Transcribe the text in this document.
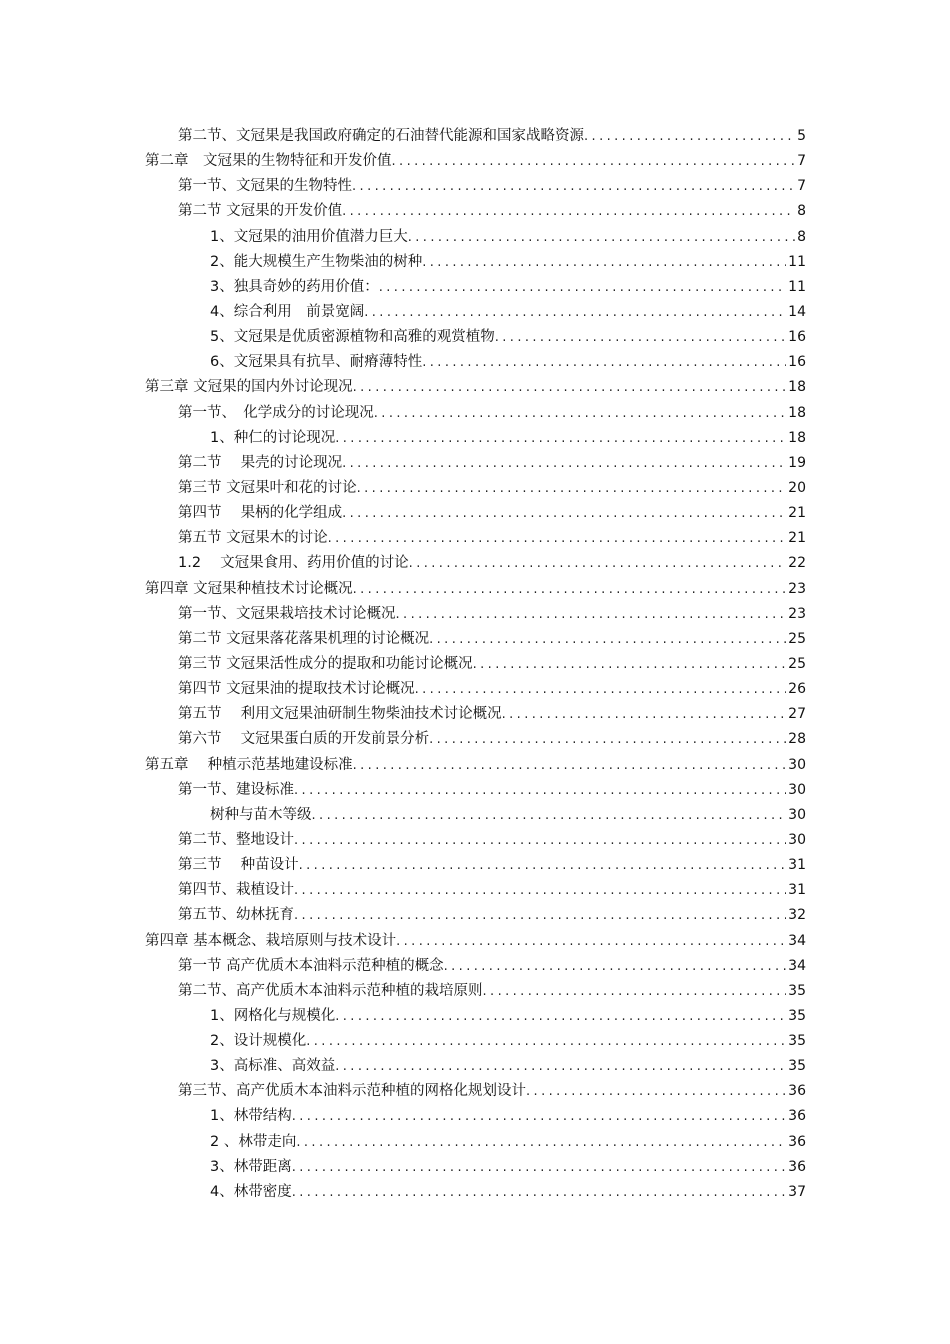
第二节、文冠果是我国政府确定的石油替代能源和国家战略资源 .....	5
第二章　文冠果的生物特征和开发价值 .....	7
第一节、文冠果的生物特性 .....	7
第二节 文冠果的开发价值 .....	8
1、文冠果的油用价值潜力巨大 .....	8
2、能大规模生产生物柴油的树种 .....	11
3、独具奇妙的药用价值： .....	11
4、综合利用　前景宽阔 .....	14
5、文冠果是优质密源植物和高雅的观赏植物 .....	16
6、文冠果具有抗旱、耐瘠薄特性 .....	16
第三章 文冠果的国内外讨论现况 .....	18
第一节、　化学成分的讨论现况 .....	18
1、种仁的讨论现况 .....	18
第二节　 果壳的讨论现况 .....	19
第三节 文冠果叶和花的讨论 .....	20
第四节　 果柄的化学组成 .....	21
第五节 文冠果木的讨论 .....	21
1.2　 文冠果食用、药用价值的讨论 .....	22
第四章 文冠果种植技术讨论概况 .....	23
第一节、文冠果栽培技术讨论概况 .....	23
第二节 文冠果落花落果机理的讨论概况 .....	25
第三节 文冠果活性成分的提取和功能讨论概况 .....	25
第四节 文冠果油的提取技术讨论概况 .....	26
第五节　 利用文冠果油研制生物柴油技术讨论概况 .....	27
第六节　 文冠果蛋白质的开发前景分析 .....	28
第五章　 种植示范基地建设标准 .....	30
第一节、建设标准 .....	30
树种与苗木等级 .....	30
第二节、整地设计 .....	30
第三节　 种苗设计 .....	31
第四节、栽植设计 .....	31
第五节、幼林抚育 .....	32
第四章 基本概念、栽培原则与技术设计 .....	34
第一节 高产优质木本油料示范种植的概念 .....	34
第二节、高产优质木本油料示范种植的栽培原则 .....	35
1、网格化与规模化 .....	35
2、设计规模化 .....	35
3、高标准、高效益 .....	35
第三节、高产优质木本油料示范种植的网格化规划设计 .....	36
1、林带结构 .....	36
2 、林带走向 .....	36
3、林带距离 .....	36
4、林带密度 .....	37
